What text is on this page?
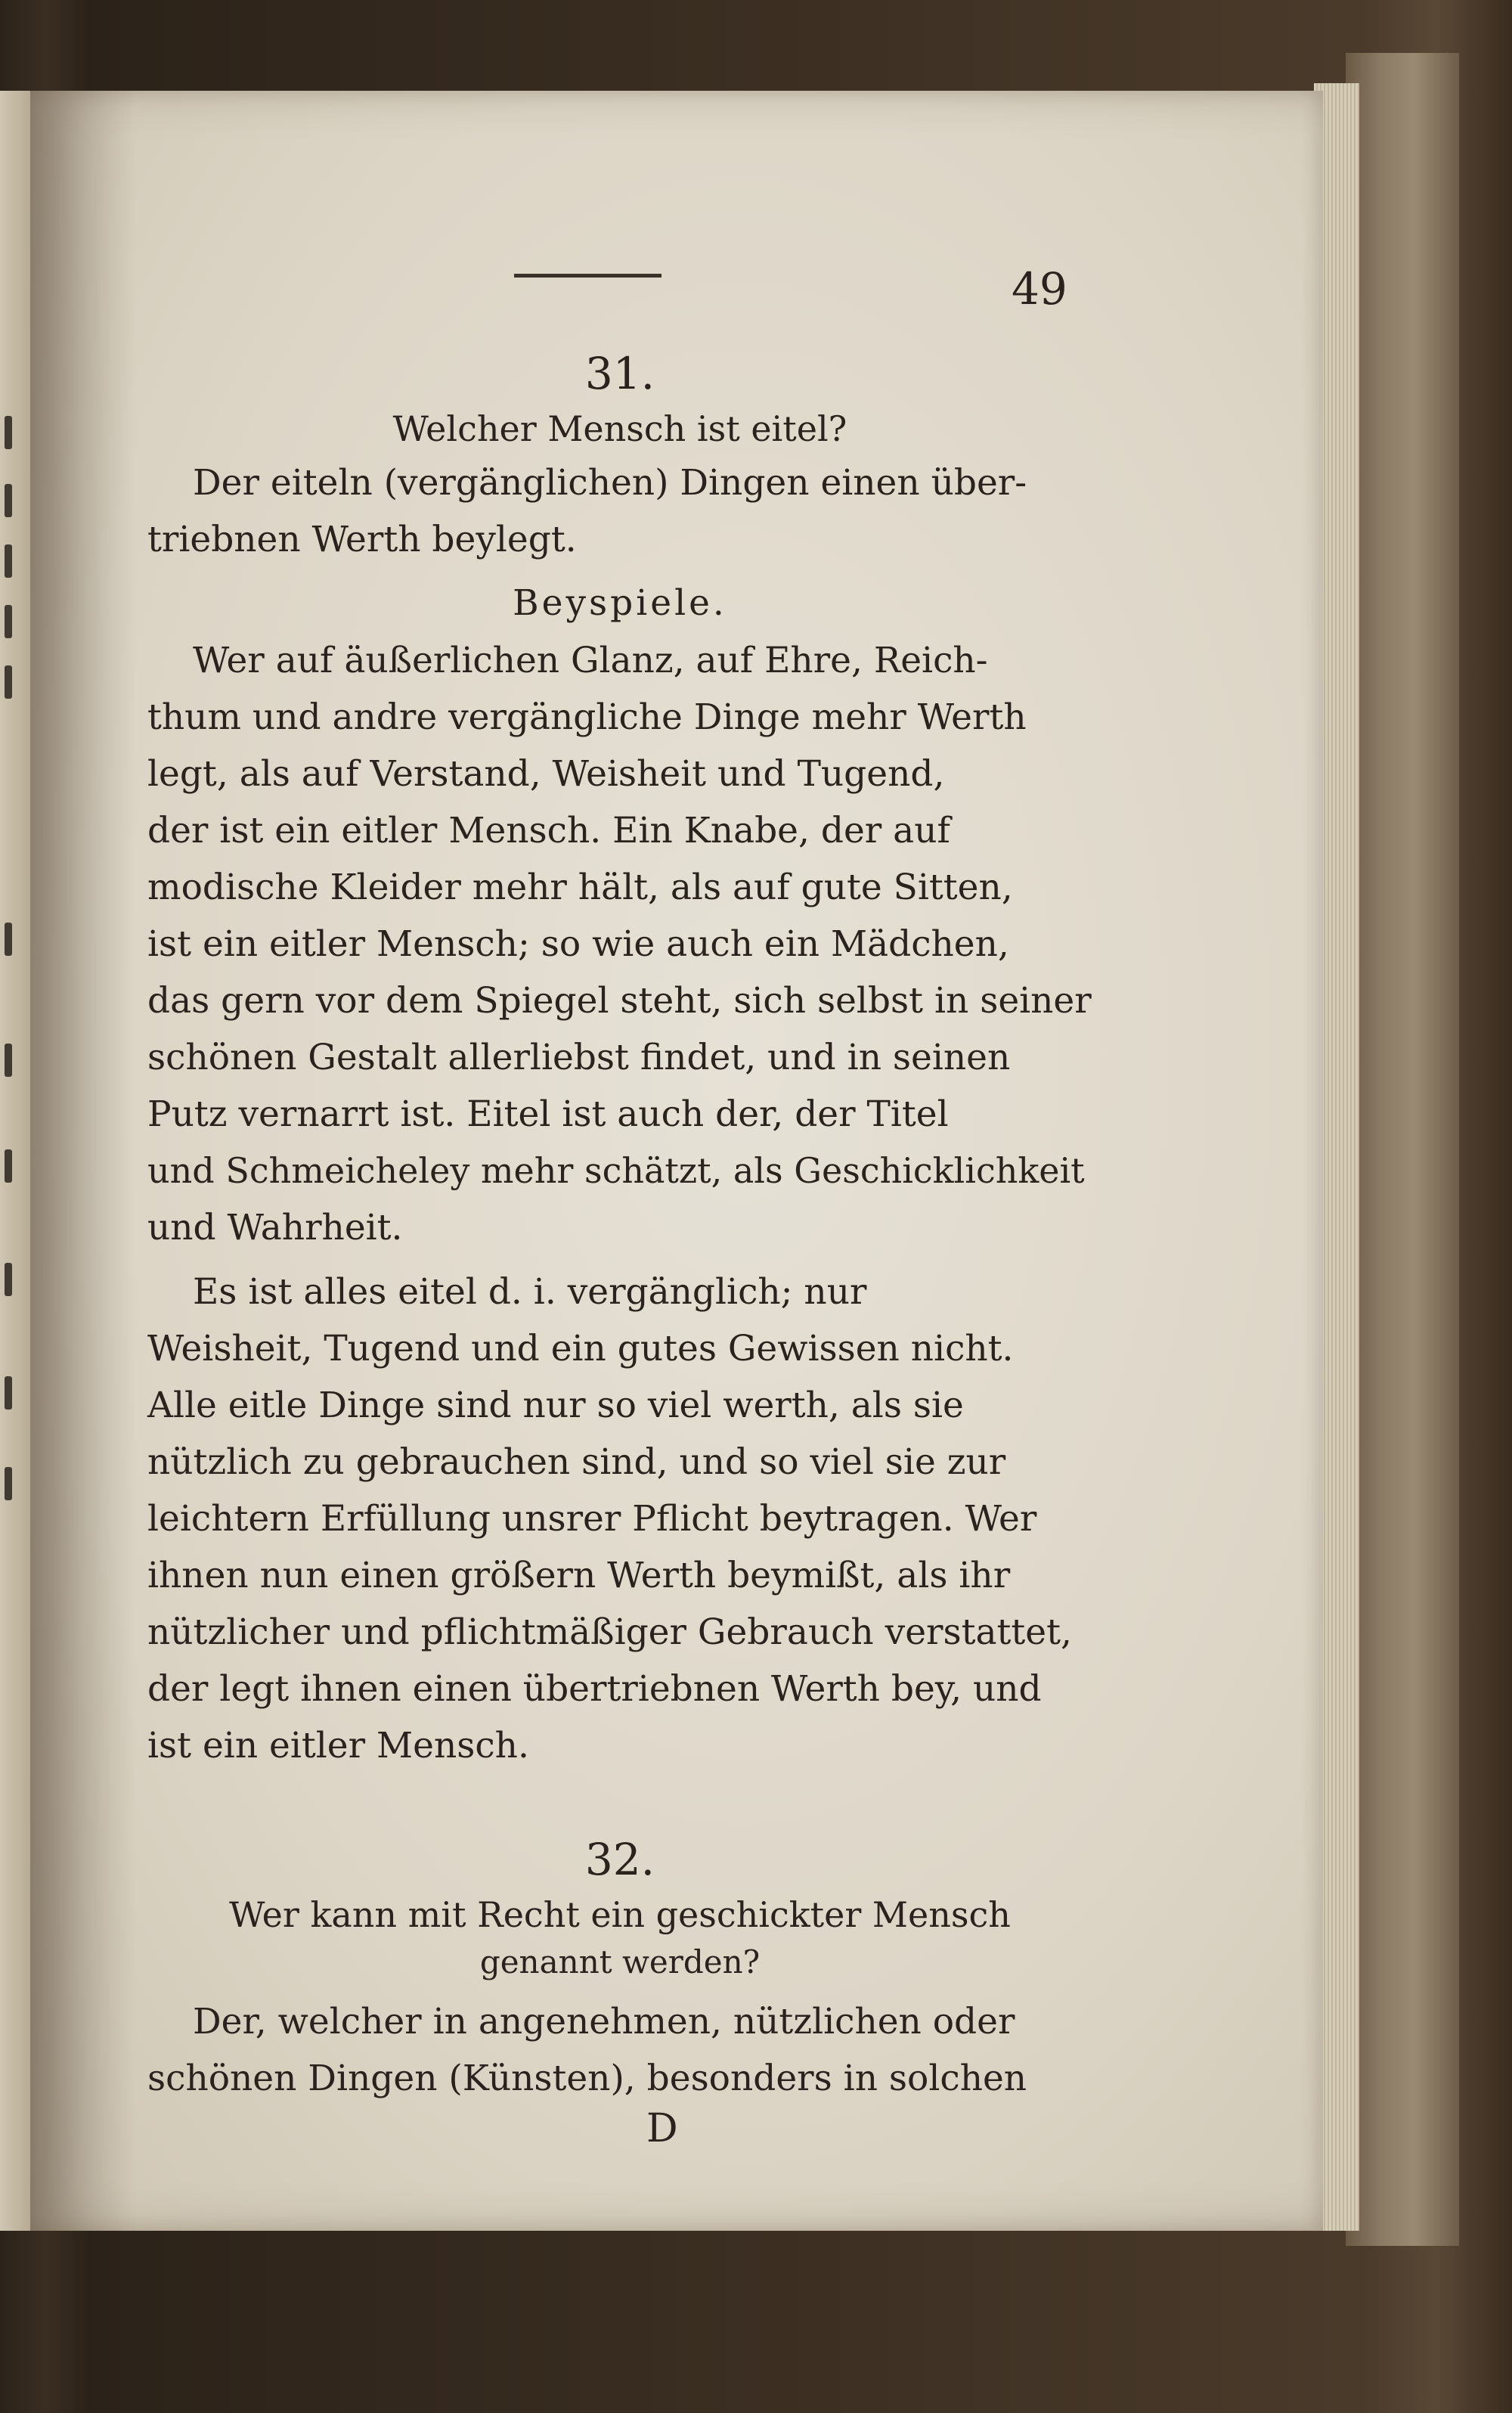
49
31.
Welcher Mensch ist eitel?
Der eiteln (vergänglichen) Dingen einen über-
triebnen Werth beylegt.
Beyspiele.
Wer auf äußerlichen Glanz, auf Ehre, Reich-
thum und andre vergängliche Dinge mehr Werth
legt, als auf Verstand, Weisheit und Tugend,
der ist ein eitler Mensch. Ein Knabe, der auf
modische Kleider mehr hält, als auf gute Sitten,
ist ein eitler Mensch; so wie auch ein Mädchen,
das gern vor dem Spiegel steht, sich selbst in seiner
schönen Gestalt allerliebst findet, und in seinen
Putz vernarrt ist. Eitel ist auch der, der Titel
und Schmeicheley mehr schätzt, als Geschicklichkeit
und Wahrheit.
Es ist alles eitel d. i. vergänglich; nur
Weisheit, Tugend und ein gutes Gewissen nicht.
Alle eitle Dinge sind nur so viel werth, als sie
nützlich zu gebrauchen sind, und so viel sie zur
leichtern Erfüllung unsrer Pflicht beytragen. Wer
ihnen nun einen größern Werth beymißt, als ihr
nützlicher und pflichtmäßiger Gebrauch verstattet,
der legt ihnen einen übertriebnen Werth bey, und
ist ein eitler Mensch.
32.
Wer kann mit Recht ein geschickter Mensch
genannt werden?
Der, welcher in angenehmen, nützlichen oder
schönen Dingen (Künsten), besonders in solchen
D
